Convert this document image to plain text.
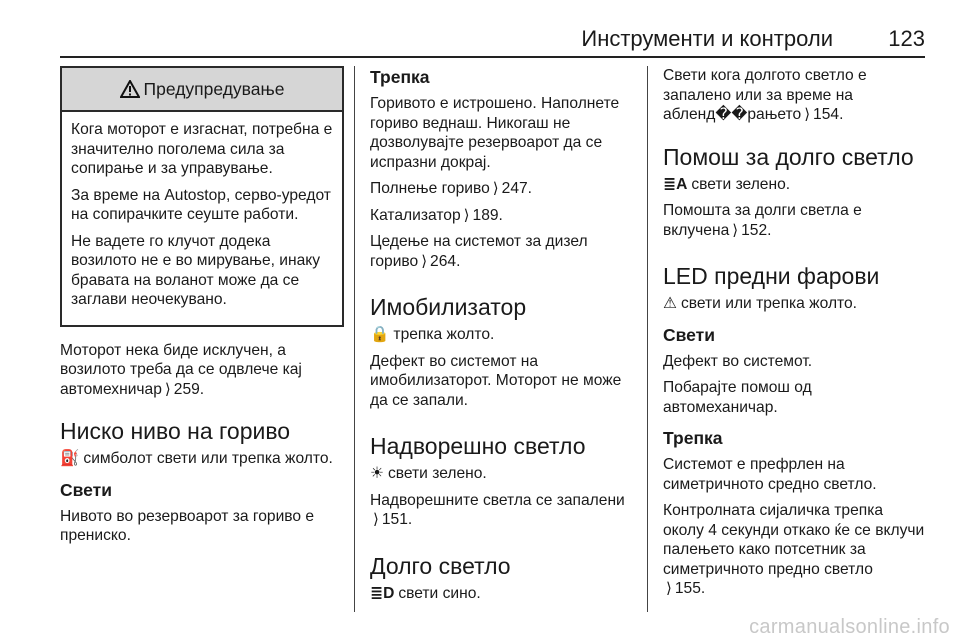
Инструменти и контроли	123
Предупредување

Кога моторот е изгаснат, потребна е значително поголема сила за сопирање и за управување.

За време на Autostop, серво-уредот на сопирачките сеуште работи.

Не вадете го клучот додека возилото не е во мирување, инаку бравата на воланот може да се заглави неочекувано.

Моторот нека биде исклучен, а возилото треба да се одвлече кај автомехничар ⟩ 259.

Ниско ниво на гориво

⛽ симболот свети или трепка жолто.

Свети

Нивото во резервоарот за гориво е прениско.

Трепка

Горивото е истрошено. Наполнете гориво веднаш. Никогаш не дозволувајте резервоарот да се испразни докрај.

Полнење гориво ⟩ 247.

Катализатор ⟩ 189.

Цедење на системот за дизел гориво ⟩ 264.

Имобилизатор

🔒 трепка жолто.

Дефект во системот на имобилизаторот. Моторот не може да се запали.

Надворешно светло

☀ свети зелено.

Надворешните светла се запалени
⟩ 151.

Долго светло

≣D свети сино.

Свети кога долгото светло е запалено или за време на абленд��рањето ⟩ 154.

Помош за долго светло

≣A свети зелено.

Помошта за долги светла е вклучена ⟩ 152.

LED предни фарови

⚠ свети или трепка жолто.

Свети

Дефект во системот.

Побарајте помош од автомеханичар.

Трепка

Системот е префрлен на симетричното средно светло.

Контролната сијаличка трепка околу 4 секунди откако ќе се вклучи палењето како потсетник за симетричното предно светло
⟩ 155.

carmanualsonline.info
